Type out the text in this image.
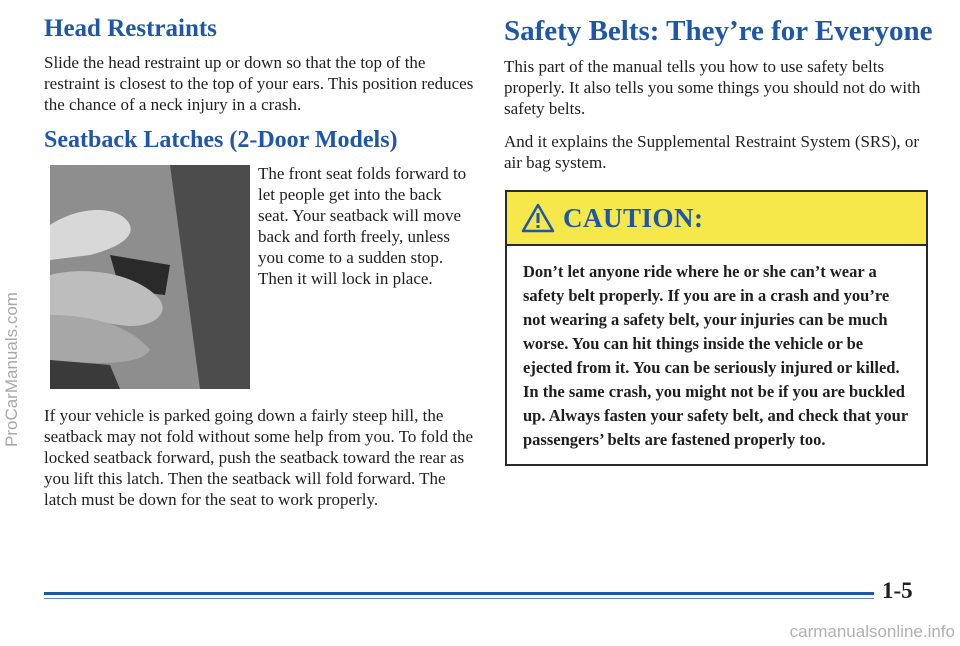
Head Restraints

Slide the head restraint up or down so that the top of the restraint is closest to the top of your ears. This position reduces the chance of a neck injury in a crash.

Seatback Latches (2-Door Models)

The front seat folds forward to let people get into the back seat. Your seatback will move back and forth freely, unless you come to a sudden stop. Then it will lock in place.

If your vehicle is parked going down a fairly steep hill, the seatback may not fold without some help from you. To fold the locked seatback forward, push the seatback toward the rear as you lift this latch. Then the seatback will fold forward. The latch must be down for the seat to work properly.

Safety Belts: They’re for Everyone

This part of the manual tells you how to use safety belts properly. It also tells you some things you should not do with safety belts.

And it explains the Supplemental Restraint System (SRS), or air bag system.

CAUTION:
Don’t let anyone ride where he or she can’t wear a safety belt properly. If you are in a crash and you’re not wearing a safety belt, your injuries can be much worse. You can hit things inside the vehicle or be ejected from it. You can be seriously injured or killed. In the same crash, you might not be if you are buckled up. Always fasten your safety belt, and check that your passengers’ belts are fastened properly too.
ProCarManuals.com
1-5
carmanualsonline.info
